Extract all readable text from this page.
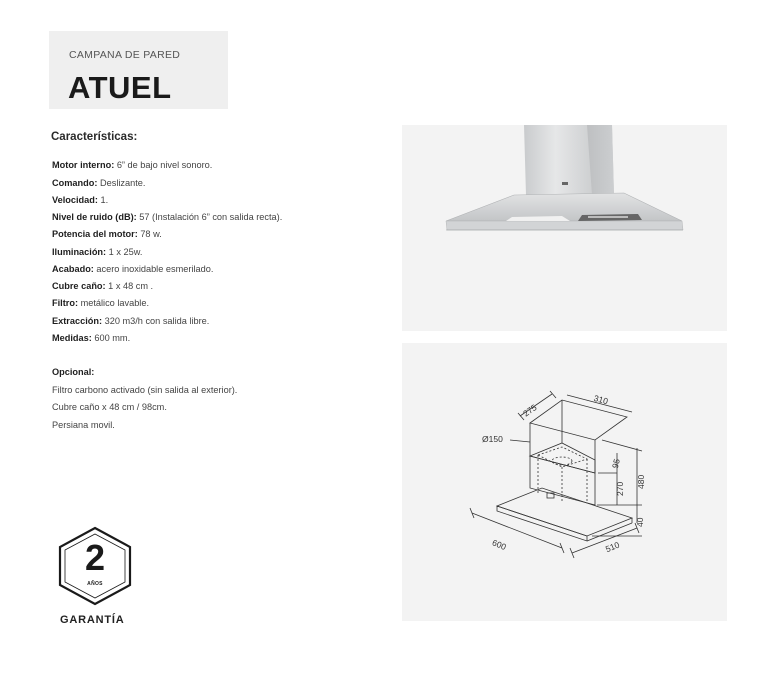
CAMPANA DE PARED
ATUEL
Características:
Motor interno: 6” de bajo nivel sonoro.
Comando: Deslizante.
Velocidad: 1.
Nivel de ruido (dB): 57 (Instalación 6” con salida recta).
Potencia del motor: 78 w.
Iluminación: 1 x 25w.
Acabado: acero inoxidable esmerilado.
Cubre caño: 1 x 48 cm .
Filtro: metálico lavable.
Extracción: 320 m3/h con salida libre.
Medidas: 600 mm.
Opcional:
Filtro carbono activado (sin salida al exterior).
Cubre caño x 48 cm / 98cm.
Persiana movil.
Ø150
275
310
95
270 480
40
600	510
2
AÑOS
GARANTÍA
